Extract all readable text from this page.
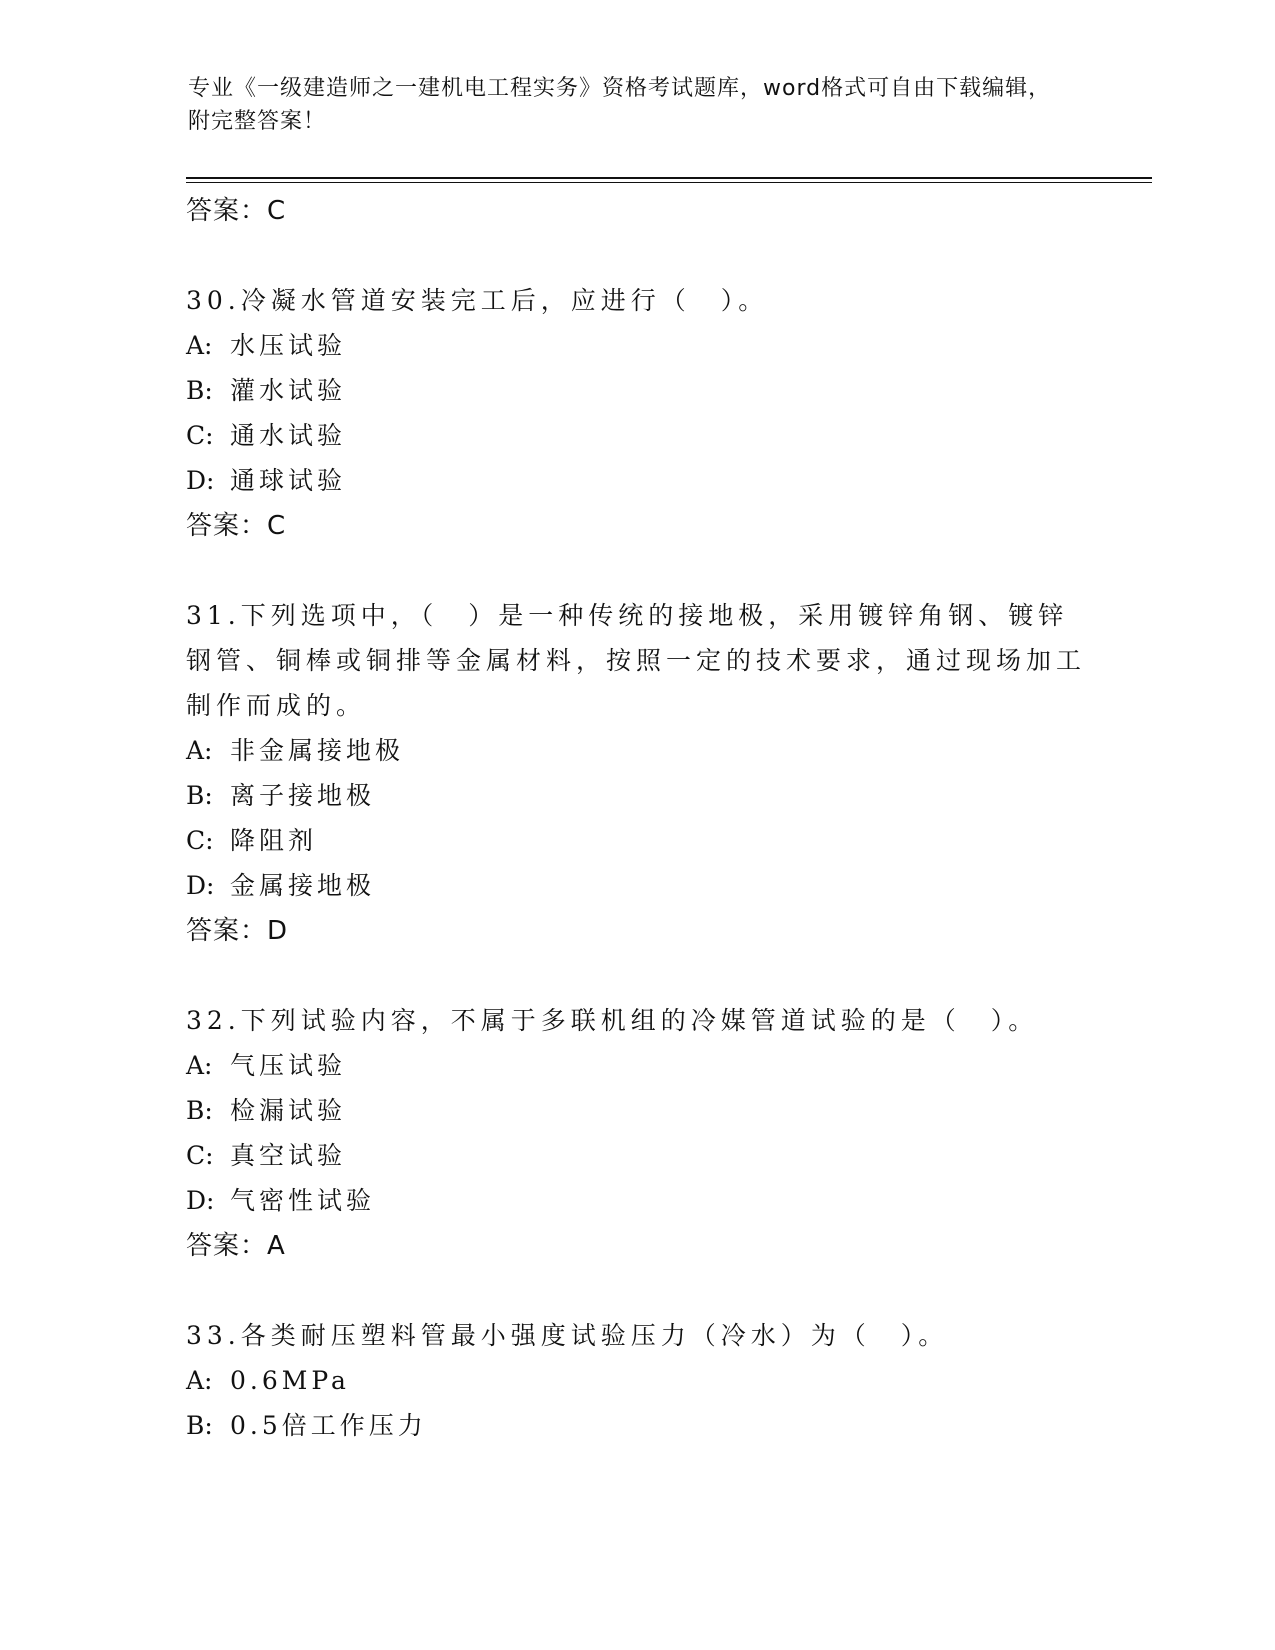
专业《一级建造师之一建机电工程实务》资格考试题库，word格式可自由下载编辑，附完整答案！
答案：C

30.冷凝水管道安装完工后，应进行（　）。

A: 水压试验
B: 灌水试验
C: 通水试验
D: 通球试验
答案：C

31.下列选项中，（　）是一种传统的接地极，采用镀锌角钢、镀锌钢管、铜棒或铜排等金属材料，按照一定的技术要求，通过现场加工制作而成的。

A: 非金属接地极
B: 离子接地极
C: 降阻剂
D: 金属接地极
答案：D

32.下列试验内容，不属于多联机组的冷媒管道试验的是（　）。

A: 气压试验
B: 检漏试验
C: 真空试验
D: 气密性试验
答案：A

33.各类耐压塑料管最小强度试验压力（冷水）为（　）。

A: 0.6MPa
B: 0.5倍工作压力
